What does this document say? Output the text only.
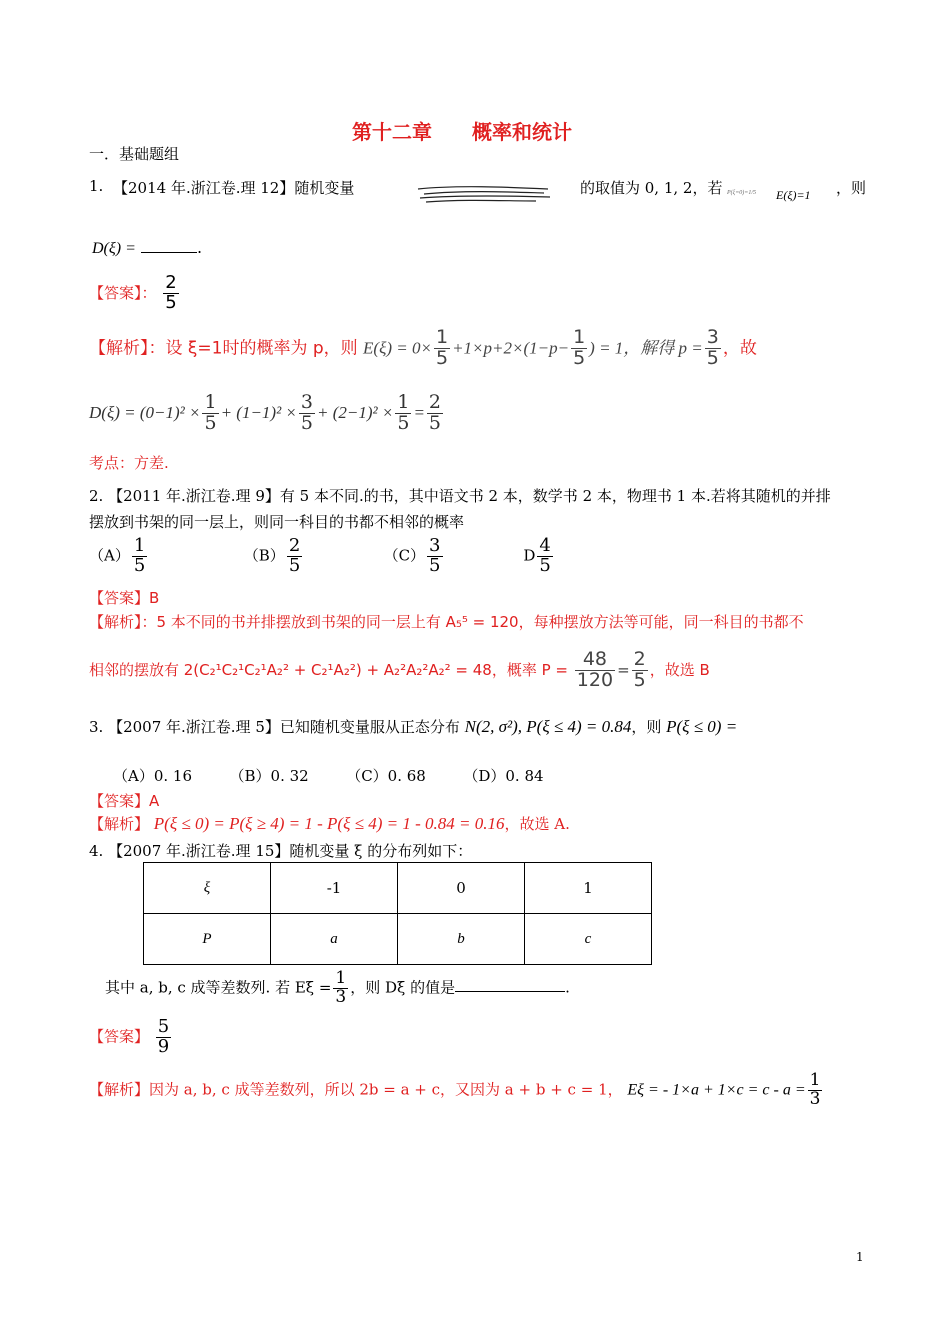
第十二章　　概率和统计
一．基础题组
1. 【2014 年.浙江卷.理 12】随机变量	的取值为 0, 1, 2，若 P(ξ=0)=1/5 E(ξ)=1 ，则
D(ξ) =	.
【答案】： $\frac{2}{5}$
【解析】：设 ξ=1时的概率为 p，则 $E(\xi) = 0\times \frac{1}{5} +1\times p+2\times(1-p- \frac{1}{5}$ ) = 1，解得 $p = \frac{3}{5}$ ，故
$D(\xi) = (0-1)^2 \times \frac{1}{5} + (1-1)^2 \times \frac{3}{5} + (2-1)^2 \times \frac{1}{5} = \frac{2}{5}$
考点：方差.
2. 【2011 年.浙江卷.理 9】有 5 本不同.的书，其中语文书 2 本，数学书 2 本，物理书 1 本.若将其随机的并排
摆放到书架的同一层上，则同一科目的书都不相邻的概率
$(A) \frac{1}{5}$	$(B) \frac{2}{5}$	$(C) \frac{3}{5}$	D $\frac{4}{5}$
【答案】B
【解析】：5 本不同的书并排摆放到书架的同一层上有 A₅⁵ = 120，每种摆放方法等可能，同一科目的书都不
相邻的摆放有 2(C₂¹C₂¹C₂¹A₂² + C₂¹A₂²) + A₂²A₂²A₂² = 48，概率 $P = \frac{48}{120} = \frac{2}{5}$ ，故选 B
3. 【2007 年.浙江卷.理 5】已知随机变量服从正态分布 N(2, σ²), P(ξ ≤ 4) = 0.84，则 P(ξ ≤ 0) =
（A）0. 16　　　（B）0. 32　　　（C）0. 68　　　（D）0. 84
【答案】A
【解析】 P(ξ ≤ 0) = P(ξ ≥ 4) = 1 - P(ξ ≤ 4) = 1 - 0.84 = 0.16，故选 A.
4. 【2007 年.浙江卷.理 15】随机变量 ξ 的分布列如下：
ξ	-1	0	1
P	a	b	c
其中 a, b, c 成等差数列. 若 $E\xi = \frac{1}{3}$ ，则 Dξ 的值是	.
【答案】 $\frac{5}{9}$
【解析】因为 a, b, c 成等差数列，所以 2b = a + c，又因为 a + b + c = 1， Eξ = - $1\times a + 1\times c = c - a = \frac{1}{3}$
1
